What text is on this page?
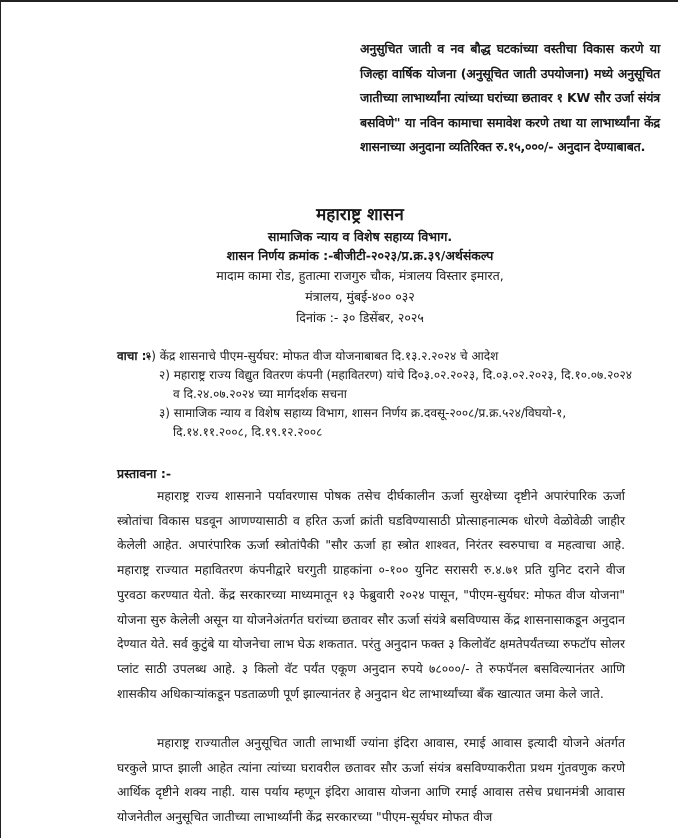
अनुसुचित जाती व नव बौद्ध घटकांच्या वस्तीचा विकास करणे या जिल्हा वार्षिक योजना (अनुसूचित जाती उपयोजना) मध्ये अनुसूचित जातीच्या लाभार्थ्यांना त्यांच्या घरांच्या छतावर १ KW सौर उर्जा संयंत्र बसविणे" या नविन कामाचा समावेश करणे तथा या लाभार्थ्यांना केंद्र शासनाच्या अनुदाना व्यतिरिक्त रु.१५,०००/- अनुदान देण्याबाबत.
महाराष्ट्र शासन
सामाजिक न्याय व विशेष सहाय्य विभाग.
शासन निर्णय क्रमांक :-बीजीटी-२०२३/प्र.क्र.३९/अर्थसंकल्प
मादाम कामा रोड, हुतात्मा राजगुरु चौक, मंत्रालय विस्तार इमारत,
मंत्रालय, मुंबई-४०० ०३२
दिनांक :- ३० डिसेंबर, २०२५
वाचा :-
१) केंद्र शासनाचे पीएम-सुर्यघर: मोफत वीज योजनाबाबत दि.१३.२.२०२४ चे आदेश
२) महाराष्ट्र राज्य विद्युत वितरण कंपनी (महावितरण) यांचे दि०३.०२.२०२३, दि.०३.०२.२०२३, दि.१०.०७.२०२४ व दि.२४.०७.२०२४ च्या मार्गदर्शक सचना
३) सामाजिक न्याय व विशेष सहाय्य विभाग, शासन निर्णय क्र.दवसू-२००८/प्र.क्र.५२४/विघयो-१, दि.१४.११.२००८, दि.१९.१२.२००८
प्रस्तावना :-
महाराष्ट्र राज्य शासनाने पर्यावरणास पोषक तसेच दीर्घकालीन ऊर्जा सुरक्षेच्या दृष्टीने अपारंपारिक ऊर्जा स्त्रोतांचा विकास घडवून आणण्यासाठी व हरित ऊर्जा क्रांती घडविण्यासाठी प्रोत्साहनात्मक धोरणे वेळोवेळी जाहीर केलेली आहेत. अपारंपारिक ऊर्जा स्त्रोतांपैकी "सौर ऊर्जा हा स्त्रोत शाश्वत, निरंतर स्वरुपाचा व महत्वाचा आहे. महाराष्ट्र राज्यात महावितरण कंपनीद्वारे घरगुती ग्राहकांना ०-१०० युनिट सरासरी रु.४.७१ प्रति युनिट दराने वीज पुरवठा करण्यात येतो. केंद्र सरकारच्या माध्यमातून १३ फेब्रुवारी २०२४ पासून, "पीएम-सुर्यघर: मोफत वीज योजना" योजना सुरु केलेली असून या योजनेअंतर्गत घरांच्या छतावर सौर ऊर्जा संयंत्रे बसविण्यास केंद्र शासनासाकडून अनुदान देण्यात येते. सर्व कुटुंबे या योजनेचा लाभ घेऊ शकतात. परंतु अनुदान फक्त ३ किलोवॅट क्षमतेपर्यंतच्या रुफटॉप सोलर प्लांट साठी उपलब्ध आहे. ३ किलो वॅट पर्यंत एकूण अनुदान रुपये ७८०००/- ते रुफपॅनल बसविल्यानंतर आणि शासकीय अधिकाऱ्यांकडून पडताळणी पूर्ण झाल्यानंतर हे अनुदान थेट लाभार्थ्यांच्या बँक खात्यात जमा केले जाते.
महाराष्ट्र राज्यातील अनुसूचित जाती लाभार्थी ज्यांना इंदिरा आवास, रमाई आवास इत्यादी योजने अंतर्गत घरकुले प्राप्त झाली आहेत त्यांना त्यांच्या घरावरील छतावर सौर ऊर्जा संयंत्र बसविण्याकरीता प्रथम गुंतवणुक करणे आर्थिक दृष्टीने शक्य नाही. यास पर्याय म्हणून इंदिरा आवास योजना आणि रमाई आवास तसेच प्रधानमंत्री आवास योजनेतील अनुसूचित जातीच्या लाभार्थ्यांनी केंद्र सरकारच्या "पीएम-सूर्यघर मोफत वीज
